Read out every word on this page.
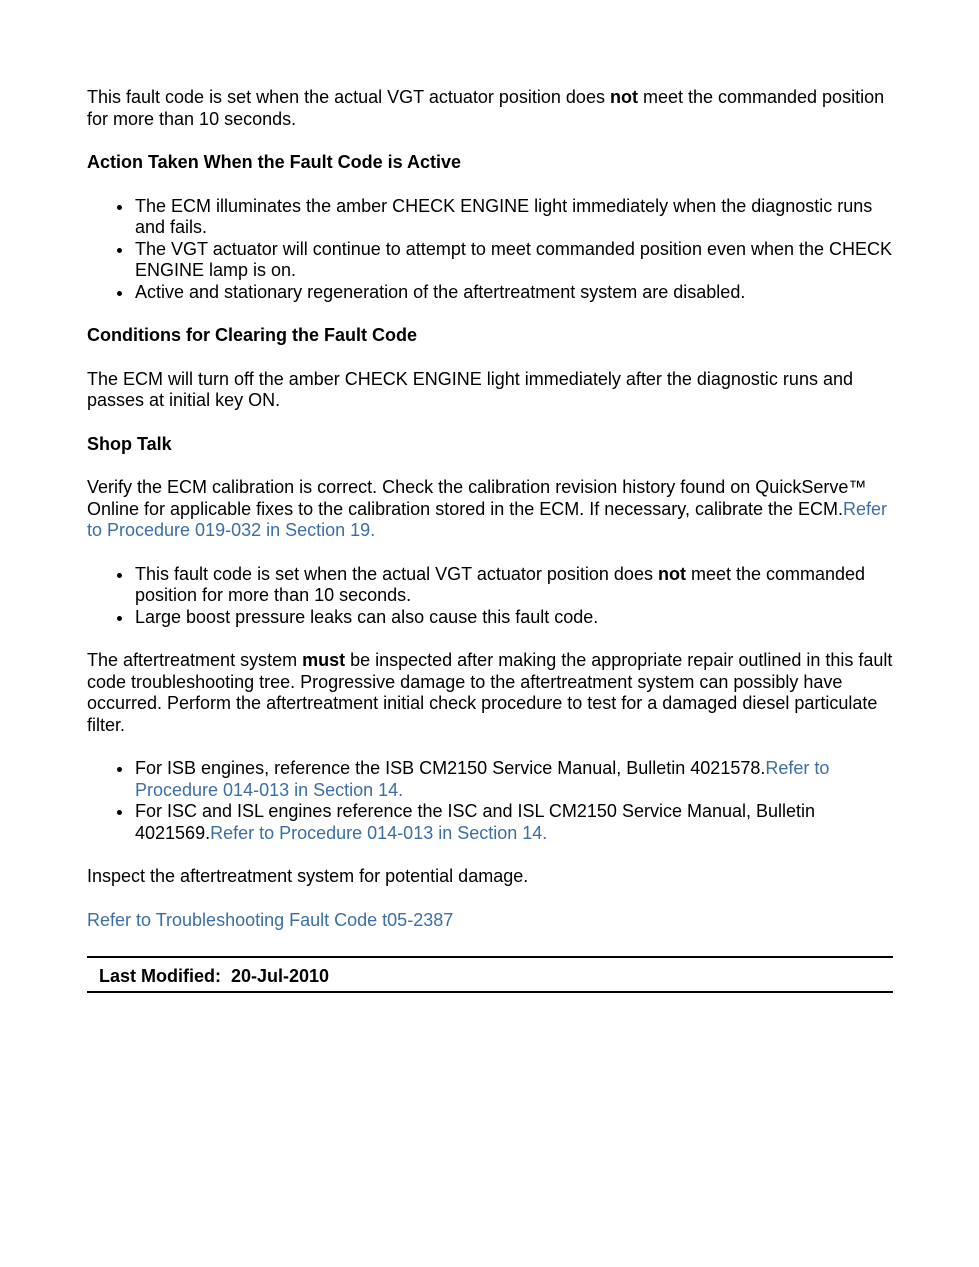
This fault code is set when the actual VGT actuator position does not meet the commanded position for more than 10 seconds.

Action Taken When the Fault Code is Active

The ECM illuminates the amber CHECK ENGINE light immediately when the diagnostic runs and fails.
The VGT actuator will continue to attempt to meet commanded position even when the CHECK ENGINE lamp is on.
Active and stationary regeneration of the aftertreatment system are disabled.

Conditions for Clearing the Fault Code

The ECM will turn off the amber CHECK ENGINE light immediately after the diagnostic runs and passes at initial key ON.

Shop Talk

Verify the ECM calibration is correct. Check the calibration revision history found on QuickServe™ Online for applicable fixes to the calibration stored in the ECM. If necessary, calibrate the ECM.Refer to Procedure 019-032 in Section 19.

This fault code is set when the actual VGT actuator position does not meet the commanded position for more than 10 seconds.
Large boost pressure leaks can also cause this fault code.

The aftertreatment system must be inspected after making the appropriate repair outlined in this fault code troubleshooting tree. Progressive damage to the aftertreatment system can possibly have occurred. Perform the aftertreatment initial check procedure to test for a damaged diesel particulate filter.

For ISB engines, reference the ISB CM2150 Service Manual, Bulletin 4021578.Refer to Procedure 014-013 in Section 14.
For ISC and ISL engines reference the ISC and ISL CM2150 Service Manual, Bulletin 4021569.Refer to Procedure 014-013 in Section 14.

Inspect the aftertreatment system for potential damage.

Refer to Troubleshooting Fault Code t05-2387

Last Modified:  20-Jul-2010
